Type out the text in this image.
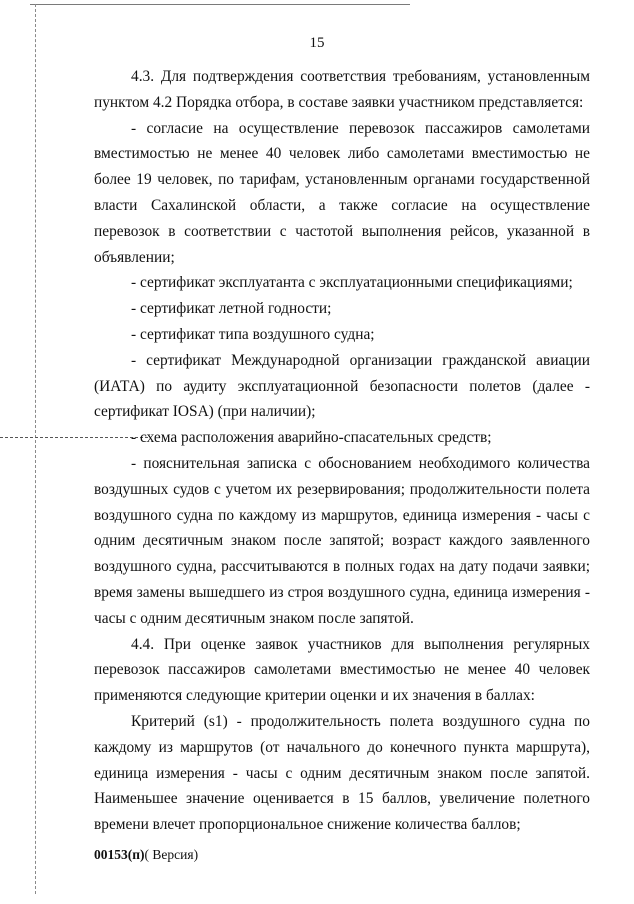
15

4.3. Для подтверждения соответствия требованиям, установленным пунктом 4.2 Порядка отбора, в составе заявки участником представляется:

- согласие на осуществление перевозок пассажиров самолетами вместимостью не менее 40 человек либо самолетами вместимостью не более 19 человек, по тарифам, установленным органами государственной власти Сахалинской области, а также согласие на осуществление перевозок в соответствии с частотой выполнения рейсов, указанной в объявлении;

- сертификат эксплуатанта с эксплуатационными спецификациями;

- сертификат летной годности;

- сертификат типа воздушного судна;

- сертификат Международной организации гражданской авиации (ИАТА) по аудиту эксплуатационной безопасности полетов (далее - сертификат IOSA) (при наличии);

- схема расположения аварийно-спасательных средств;

- пояснительная записка с обоснованием необходимого количества воздушных судов с учетом их резервирования; продолжительности полета воздушного судна по каждому из маршрутов, единица измерения - часы с одним десятичным знаком после запятой; возраст каждого заявленного воздушного судна, рассчитываются в полных годах на дату подачи заявки; время замены вышедшего из строя воздушного судна, единица измерения - часы с одним десятичным знаком после запятой.

4.4. При оценке заявок участников для выполнения регулярных перевозок пассажиров самолетами вместимостью не менее 40 человек применяются следующие критерии оценки и их значения в баллах:

Критерий (s1) - продолжительность полета воздушного судна по каждому из маршрутов (от начального до конечного пункта маршрута), единица измерения - часы с одним десятичным знаком после запятой. Наименьшее значение оценивается в 15 баллов, увеличение полетного времени влечет пропорциональное снижение количества баллов;

00153(п)( Версия)
